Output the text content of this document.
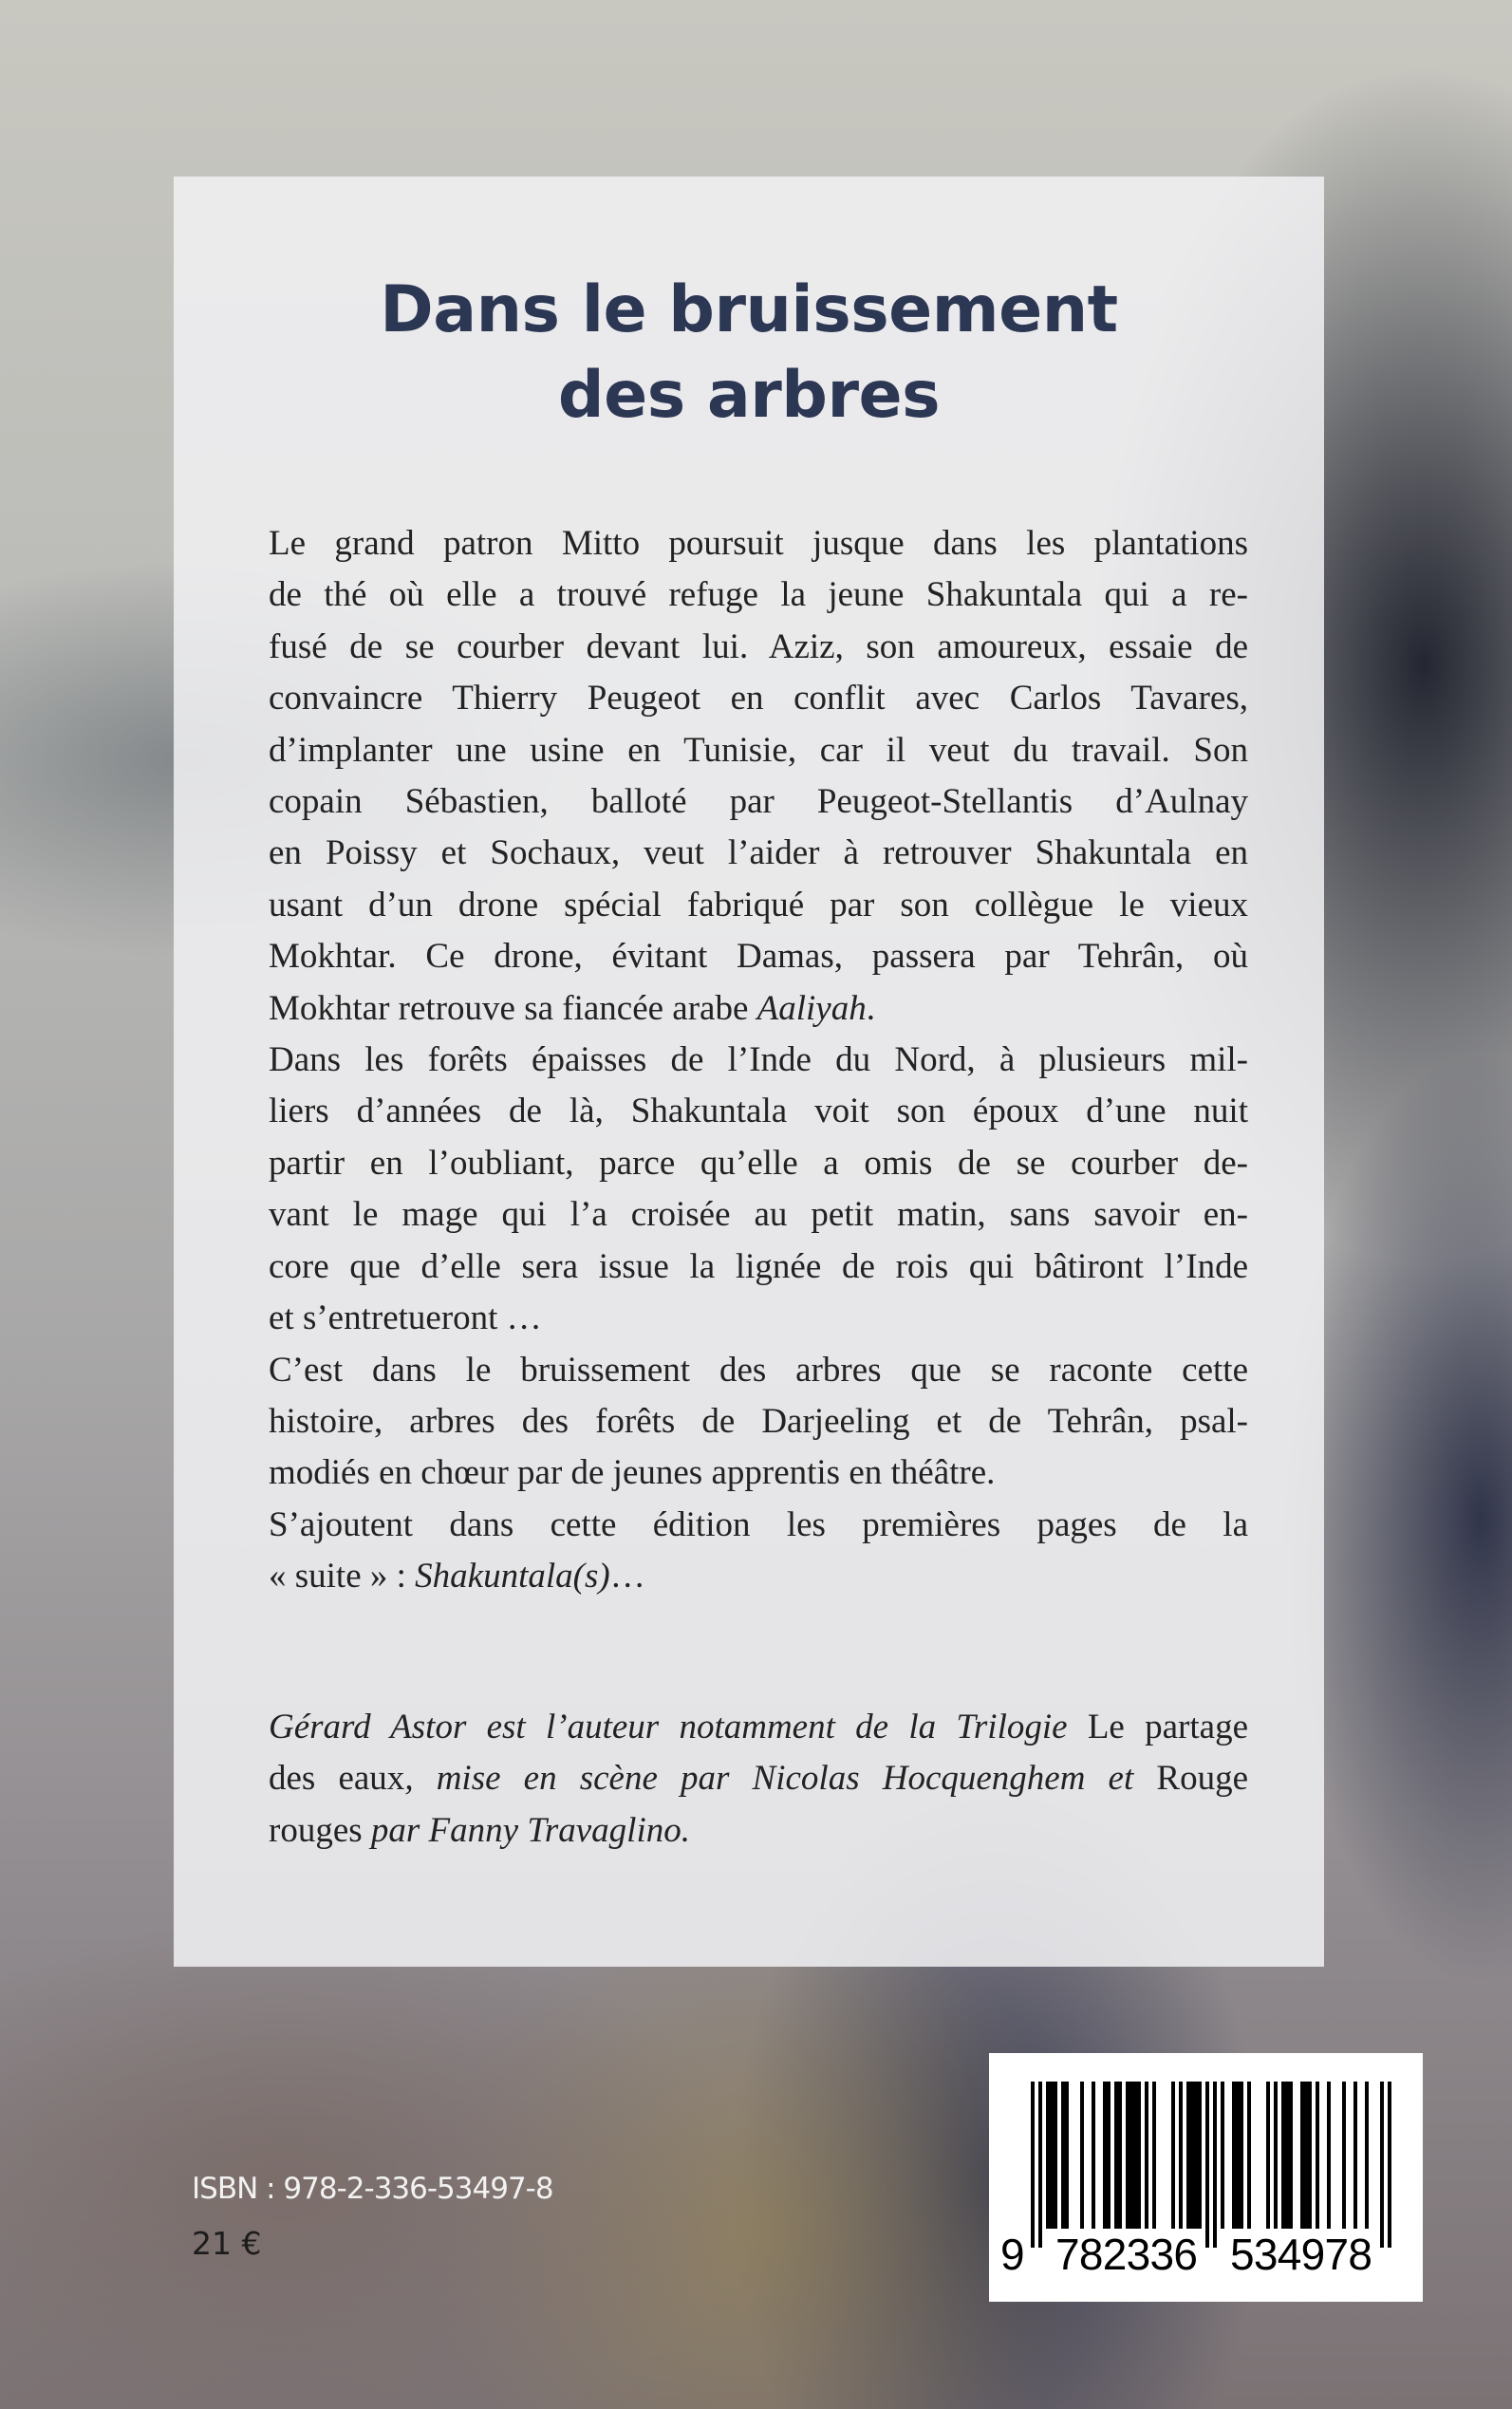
Dans le bruissement
des arbres
Le grand patron Mitto poursuit jusque dans les plantations
de thé où elle a trouvé refuge la jeune Shakuntala qui a re-
fusé de se courber devant lui. Aziz, son amoureux, essaie de
convaincre Thierry Peugeot en conflit avec Carlos Tavares,
d’implanter une usine en Tunisie, car il veut du travail. Son
copain Sébastien, balloté par Peugeot-Stellantis d’Aulnay
en Poissy et Sochaux, veut l’aider à retrouver Shakuntala en
usant d’un drone spécial fabriqué par son collègue le vieux
Mokhtar. Ce drone, évitant Damas, passera par Tehrân, où
Mokhtar retrouve sa fiancée arabe Aaliyah.
Dans les forêts épaisses de l’Inde du Nord, à plusieurs mil-
liers d’années de là, Shakuntala voit son époux d’une nuit
partir en l’oubliant, parce qu’elle a omis de se courber de-
vant le mage qui l’a croisée au petit matin, sans savoir en-
core que d’elle sera issue la lignée de rois qui bâtiront l’Inde
et s’entretueront …
C’est dans le bruissement des arbres que se raconte cette
histoire, arbres des forêts de Darjeeling et de Tehrân, psal-
modiés en chœur par de jeunes apprentis en théâtre.
S’ajoutent dans cette édition les premières pages de la
« suite » : Shakuntala(s)…
Gérard Astor est l’auteur notamment de la Trilogie Le partage
des eaux, mise en scène par Nicolas Hocquenghem et Rouge
rouges par Fanny Travaglino.
ISBN : 978-2-336-53497-8
21 €	9 782336 534978
